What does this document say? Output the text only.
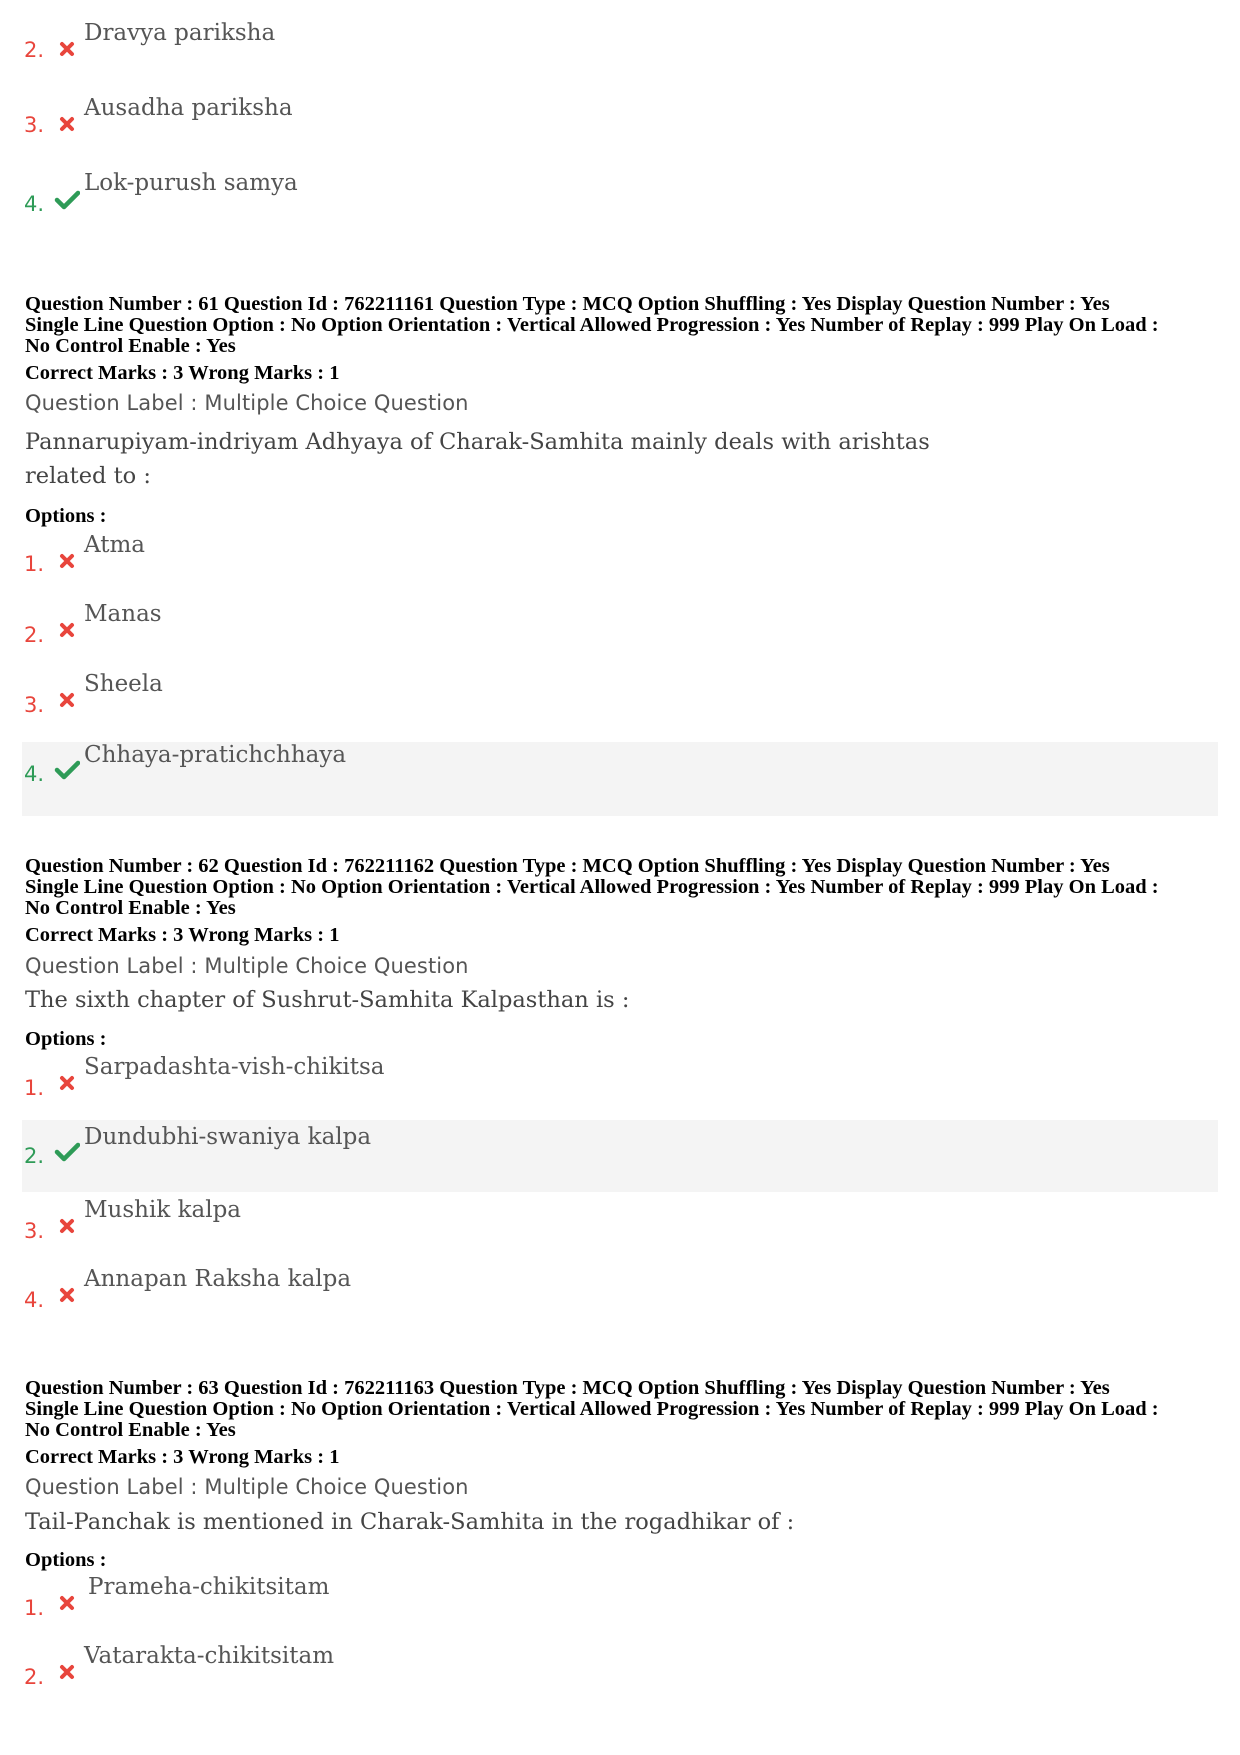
2.
Dravya pariksha
3.
Ausadha pariksha
4.
Lok-purush samya
Question Number : 61 Question Id : 762211161 Question Type : MCQ Option Shuffling : Yes Display Question Number : Yes
Single Line Question Option : No Option Orientation : Vertical Allowed Progression : Yes Number of Replay : 999 Play On Load :
No Control Enable : Yes
Correct Marks : 3 Wrong Marks : 1
Question Label : Multiple Choice Question
Pannarupiyam-indriyam Adhyaya of Charak-Samhita mainly deals with arishtas
related to :
Options :
1.
Atma
2.
Manas
3.
Sheela
4.
Chhaya-pratichchhaya
Question Number : 62 Question Id : 762211162 Question Type : MCQ Option Shuffling : Yes Display Question Number : Yes
Single Line Question Option : No Option Orientation : Vertical Allowed Progression : Yes Number of Replay : 999 Play On Load :
No Control Enable : Yes
Correct Marks : 3 Wrong Marks : 1
Question Label : Multiple Choice Question
The sixth chapter of Sushrut-Samhita Kalpasthan is :
Options :
1.
Sarpadashta-vish-chikitsa
2.
Dundubhi-swaniya kalpa
3.
Mushik kalpa
4.
Annapan Raksha kalpa
Question Number : 63 Question Id : 762211163 Question Type : MCQ Option Shuffling : Yes Display Question Number : Yes
Single Line Question Option : No Option Orientation : Vertical Allowed Progression : Yes Number of Replay : 999 Play On Load :
No Control Enable : Yes
Correct Marks : 3 Wrong Marks : 1
Question Label : Multiple Choice Question
Tail-Panchak is mentioned in Charak-Samhita in the rogadhikar of :
Options :
1.
Prameha-chikitsitam
2.
Vatarakta-chikitsitam
